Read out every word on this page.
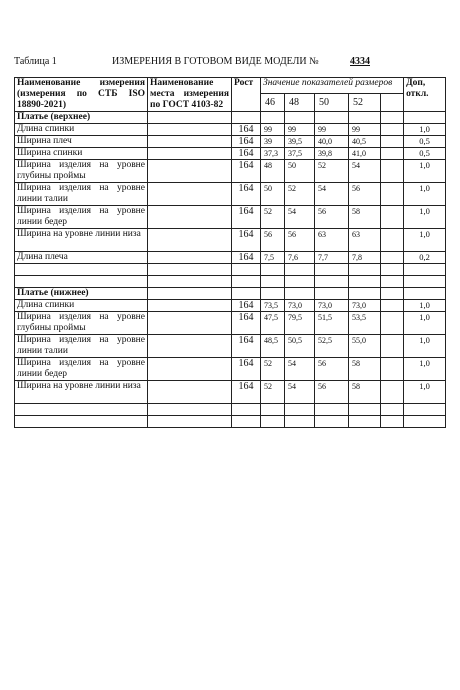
Таблица 1	ИЗМЕРЕНИЯ В ГОТОВОМ ВИДЕ МОДЕЛИ №	4334
Наименование измерения (измерения по СТБ ISO 18890-2021)	Наименование места измерения по ГОСТ 4103-82	Рост	Значение показателей размеров					Доп, откл.
			46	48	50	52		
Платье (верхнее)								
Длина спинки		164	99	99	99	99		1,0
Ширина плеч		164	39	39,5	40,0	40,5		0,5
Ширина спинки		164	37,3	37,5	39,8	41,0		0,5
Ширина изделия на уровне глубины проймы		164	48	50	52	54		1,0
Ширина изделия на уровне линии талии		164	50	52	54	56		1,0
Ширина изделия на уровне линии бедер		164	52	54	56	58		1,0
Ширина на уровне линии низа		164	56	56	63	63		1,0
Длина плеча		164	7,5	7,6	7,7	7,8		0,2

Платье (нижнее)								
Длина спинки		164	73,5	73,0	73,0	73,0		1,0
Ширина изделия на уровне глубины проймы		164	47,5	79,5	51,5	53,5		1,0
Ширина изделия на уровне линии талии		164	48,5	50,5	52,5	55,0		1,0
Ширина изделия на уровне линии бедер		164	52	54	56	58		1,0
Ширина на уровне линии низа		164	52	54	56	58		1,0
